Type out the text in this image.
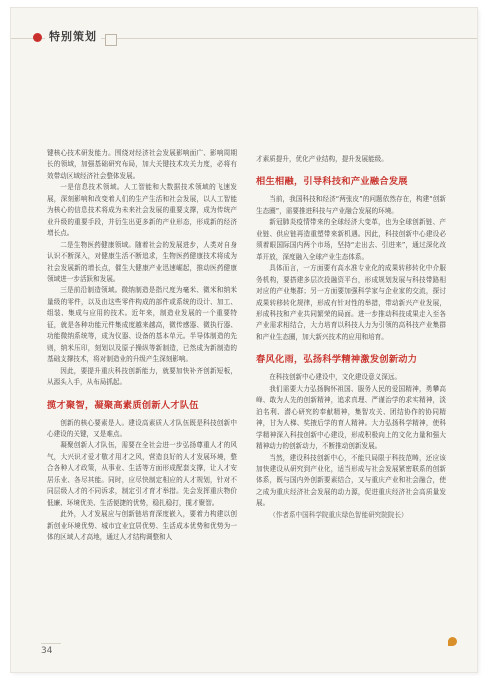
特别策划

键核心技术研发能力。围绕对经济社会发展影响面广、影响周期长的领域，加强基础研究布局，加大关键技术攻关力度，必将有效带动区域经济社会整体发展。

一是信息技术领域。人工智能和大数据技术领域的飞速发展，深刻影响和改变着人们的生产生活和社会发展，以人工智能为核心的信息技术将成为未来社会发展的重要支撑，成为传统产业升级的重要手段，并衍生出更多新的产业形态，形成新的经济增长点。

二是生物医药健康领域。随着社会的发展进步，人类对自身认识不断深入，对健康生活不断追求，生物医药健康技术将成为社会发展新的增长点，催生大健康产业迅速崛起，推动医药健康领域进一步活跃和发展。

三是前沿制造领域。微纳制造是指尺度为毫米、微米和纳米量级的零件，以及由这些零件构成的部件或系统的设计、加工、组装、集成与应用的技术。近年来，制造业发展的一个重要特征，就是各种功能元件集成度越来越高，微传感器、微执行器、功能微纳系统等，成为仪器、设备的基本单元。半导体制造的先则，纳米压印，刻划以及原子操纵等新制造，已然成为新制造的基础支撑技术，将对制造业的升级产生深刻影响。

因此，要提升重庆科技创新能力，就要加快补齐创新短板，从源头入手，从布局抓起。

揽才聚智，凝聚高素质创新人才队伍

创新的核心要素是人。建设高素质人才队伍既是科技创新中心建设的关键，又是难点。

凝聚创新人才队伍，需要在全社会进一步弘扬尊重人才的风气，大兴识才爱才敬才用才之风，营造良好的人才发展环境，整合各种人才政策，从事业、生活等方面形成配套支撑，让人才安居乐业、各尽其能。同时，应尽快制定相应的人才规划，针对不同层级人才的不同诉求，制定引才育才举措。先会发挥重庆物价低廉、环境优美、生活便捷的优势，稳扎稳打，揽才聚智。

此外，人才发展应与创新链培育深度嵌入，要着力构建以创新创业环境优势、城市宜业宜居优势、生活成本优势和优势为一体的区域人才高地，通过人才结构调整和人

才素质提升，优化产业结构，提升发展能级。

相生相融，引导科技和产业融合发展

当前，我国科技和经济“两张皮”的问题依然存在，构建“创新生态圈”，需要推进科技与产业融合发展的环境。

新冠肺炎疫情带来的全球经济大变革，也为全球创新链、产业链、供应链再造重塑带来新机遇。因此，科技创新中心建设必须着眼国际国内两个市场，坚持“走出去、引进来”，通过深化改革开放，深度融入全球产业生态体系。

具体而言，一方面要有高水准专业化的成果转移转化中介服务机构，要搭建多层次投融资平台，形成规划发展与科技带路相对应的产业集群；另一方面要加强科学家与企业家的交流，探讨成果转移转化规律，形成有针对性的举措，带动新兴产业发展，形成科技和产业共同繁荣的局面。进一步推动科技成果走入至各产业需求相结合，大力培育以科技人力为引领的高科技产业集群和产业生态圈，加大新兴技术的应用和培育。

春风化雨，弘扬科学精神激发创新动力

在科技创新中心建设中，文化建设意义深远。

我们需要大力弘扬胸怀祖国、服务人民的爱国精神，勇攀高峰、敢为人先的创新精神，追求真理、严谨治学的求实精神，淡泊名利、潜心研究的奉献精神，集智攻关、团结协作的协同精神，甘为人梯、奖掖后学的育人精神。大力弘扬科学精神，使科学精神深入科技创新中心建设，形成积极向上的文化力量和强大精神动力的创新动力，不断推动创新发展。

当然，建设科技创新中心，不能只局限于科技范畴，还应该加快建设从研究到产业化，适当形成与社会发展紧密联系的创新体系，既与国内外创新要素结合，又与重庆产业和社会融合，使之成为重庆经济社会发展的动力源，促进重庆经济社会高质量发展。

（作者系中国科学院重庆绿色智能研究院院长）

34
